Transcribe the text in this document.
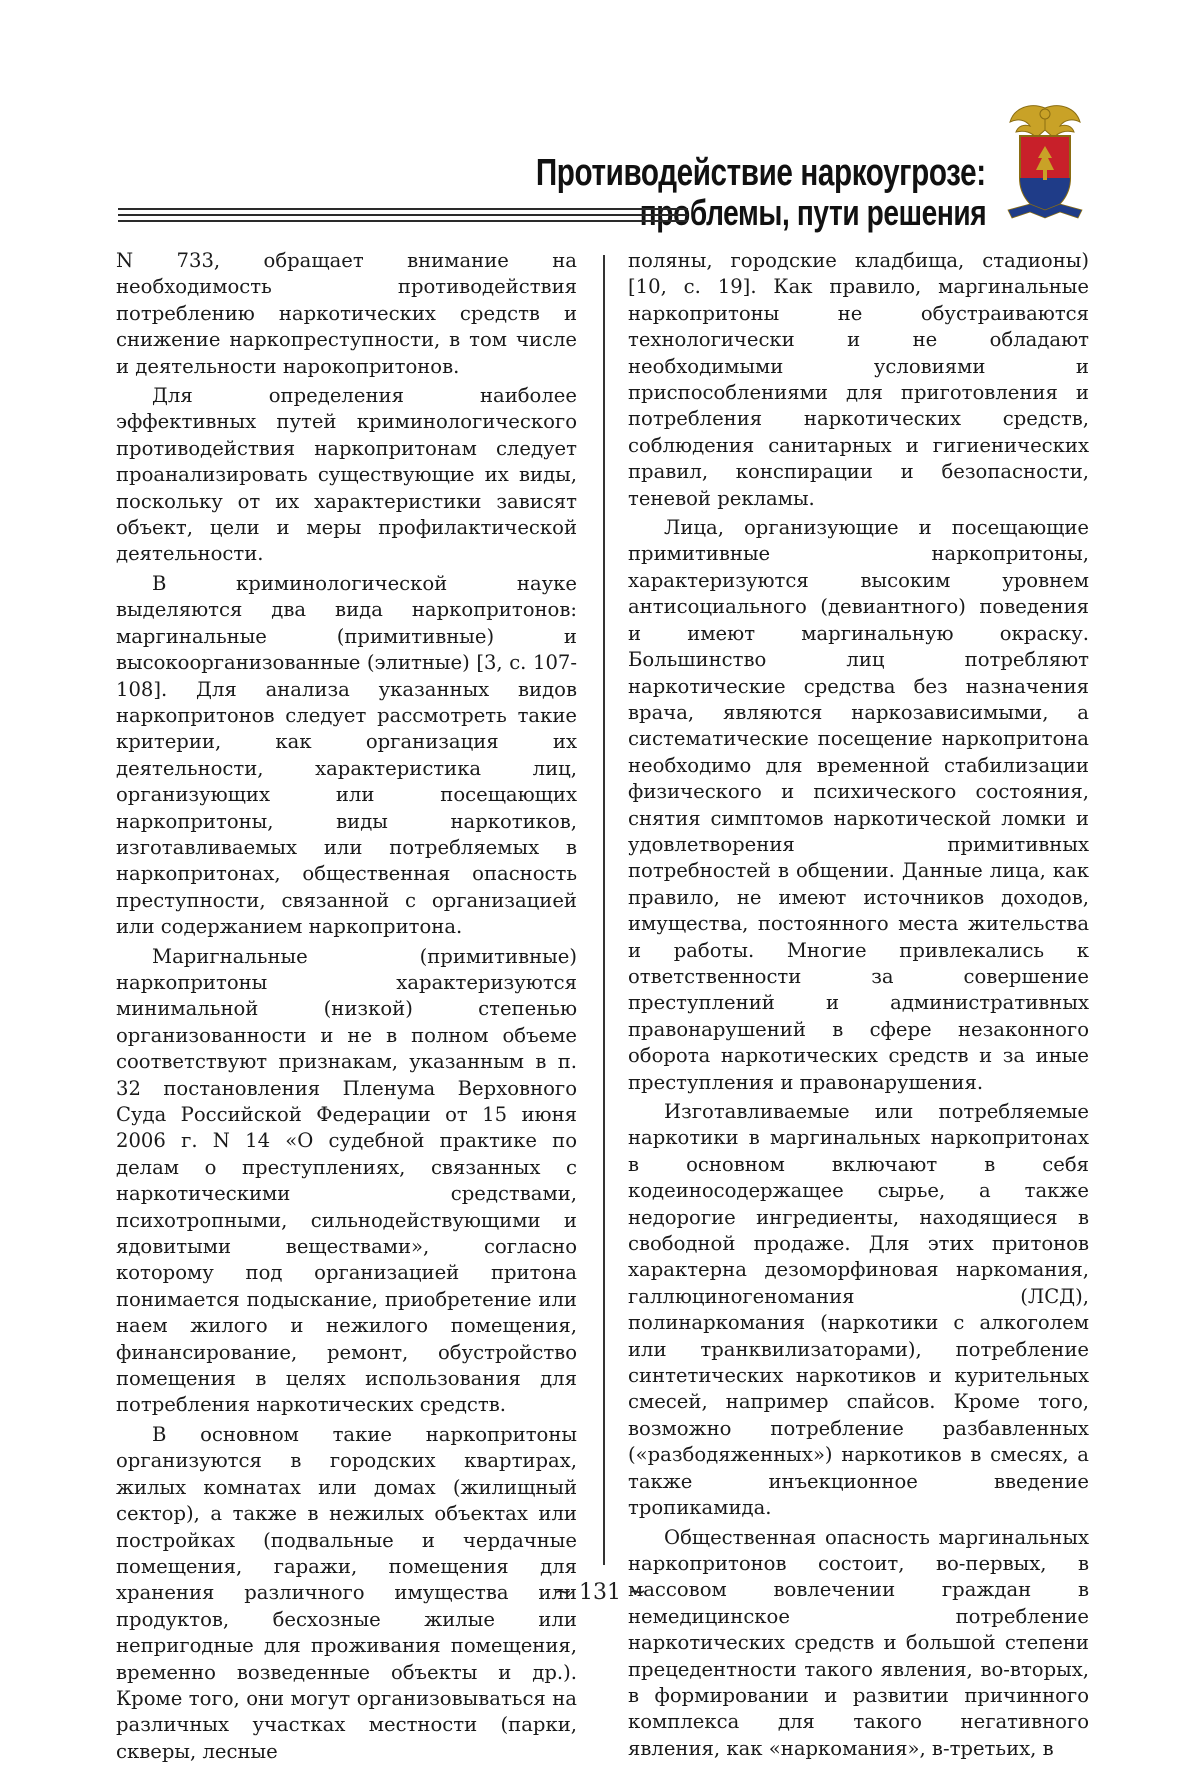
Противодействие наркоугрозе:
проблемы, пути решения

N 733, обращает внимание на необходимость противодействия потреблению наркотических средств и снижение наркопреступности, в том числе и деятельности нарокопритонов.

Для определения наиболее эффективных путей криминологического противодействия наркопритонам следует проанализировать существующие их виды, поскольку от их характеристики зависят объект, цели и меры профилактической деятельности.

В криминологической науке выделяются два вида наркопритонов: маргинальные (примитивные) и высокоорганизованные (элитные) [3, с. 107-108]. Для анализа указанных видов наркопритонов следует рассмотреть такие критерии, как организация их деятельности, характеристика лиц, организующих или посещающих наркопритоны, виды наркотиков, изготавливаемых или потребляемых в наркопритонах, общественная опасность преступности, связанной с организацией или содержанием наркопритона.

Маригнальные (примитивные) наркопритоны характеризуются минимальной (низкой) степенью организованности и не в полном объеме соответствуют признакам, указанным в п. 32 постановления Пленума Верховного Суда Российской Федерации от 15 июня 2006 г. N 14 «О судебной практике по делам о преступлениях, связанных с наркотическими средствами, психотропными, сильнодействующими и ядовитыми веществами», согласно которому под организацией притона понимается подыскание, приобретение или наем жилого и нежилого помещения, финансирование, ремонт, обустройство помещения в целях использования для потребления наркотических средств.

В основном такие наркопритоны организуются в городских квартирах, жилых комнатах или домах (жилищный сектор), а также в нежилых объектах или постройках (подвальные и чердачные помещения, гаражи, помещения для хранения различного имущества или продуктов, бесхозные жилые или непригодные для проживания помещения, временно возведенные объекты и др.). Кроме того, они могут организовываться на различных участках местности (парки, скверы, лесные

поляны, городские кладбища, стадионы) [10, с. 19]. Как правило, маргинальные наркопритоны не обустраиваются технологически и не обладают необходимыми условиями и приспособлениями для приготовления и потребления наркотических средств, соблюдения санитарных и гигиенических правил, конспирации и безопасности, теневой рекламы.

Лица, организующие и посещающие примитивные наркопритоны, характеризуются высоким уровнем антисоциального (девиантного) поведения и имеют маргинальную окраску. Большинство лиц потребляют наркотические средства без назначения врача, являются наркозависимыми, а систематические посещение наркопритона необходимо для временной стабилизации физического и психического состояния, снятия симптомов наркотической ломки и удовлетворения примитивных потребностей в общении. Данные лица, как правило, не имеют источников доходов, имущества, постоянного места жительства и работы. Многие привлекались к ответственности за совершение преступлений и административных правонарушений в сфере незаконного оборота наркотических средств и за иные преступления и правонарушения.

Изготавливаемые или потребляемые наркотики в маргинальных наркопритонах в основном включают в себя кодеиносодержащее сырье, а также недорогие ингредиенты, находящиеся в свободной продаже. Для этих притонов характерна дезоморфиновая наркомания, галлюциногеномания (ЛСД), полинаркомания (наркотики с алкоголем или транквилизаторами), потребление синтетических наркотиков и курительных смесей, например спайсов. Кроме того, возможно потребление разбавленных («разбодяженных») наркотиков в смесях, а также инъекционное введение тропикамида.

Общественная опасность маргинальных наркопритонов состоит, во-первых, в массовом вовлечении граждан в немедицинское потребление наркотических средств и большой степени прецедентности такого явления, во-вторых, в формировании и развитии причинного комплекса для такого негативного явления, как «наркомания», в-третьих, в

~ 131 ~
